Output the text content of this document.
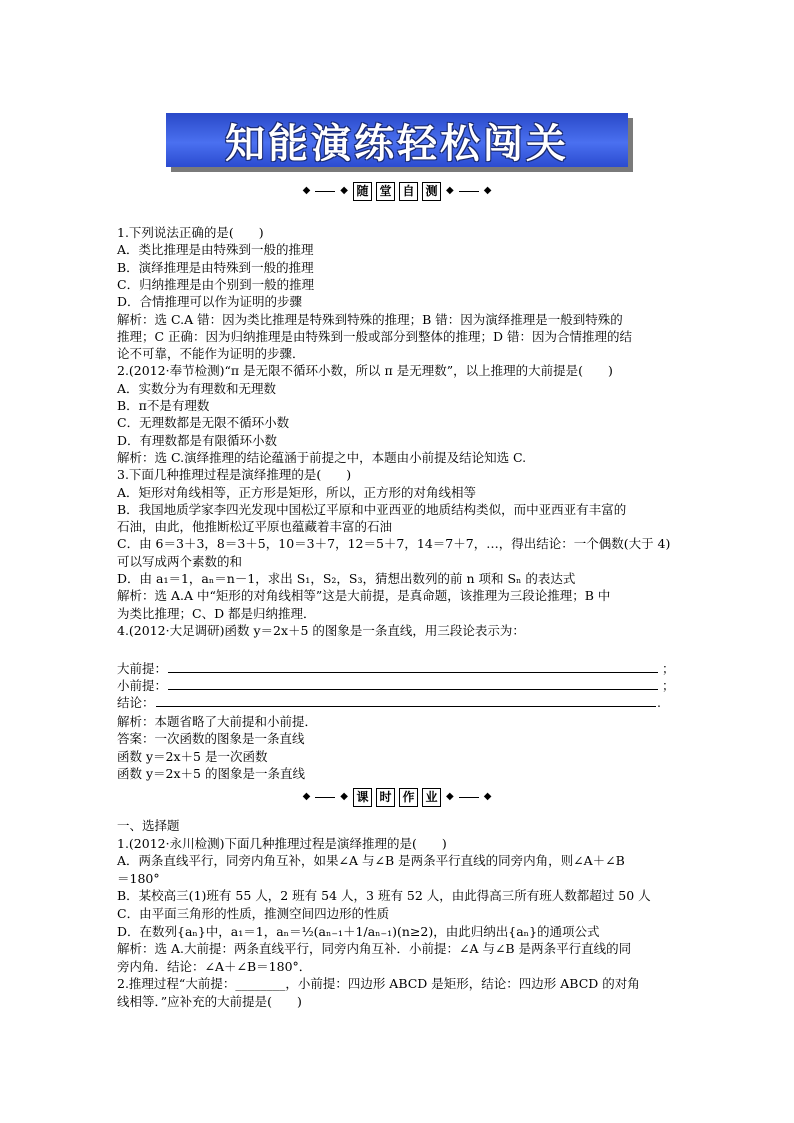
知能演练轻松闯关
◆	◆ 随 堂 自 测 ◆	◆
1.下列说法正确的是(　　)
A．类比推理是由特殊到一般的推理
B．演绎推理是由特殊到一般的推理
C．归纳推理是由个别到一般的推理
D．合情推理可以作为证明的步骤
解析：选 C.A 错：因为类比推理是特殊到特殊的推理；B 错：因为演绎推理是一般到特殊的
推理；C 正确：因为归纳推理是由特殊到一般或部分到整体的推理；D 错：因为合情推理的结
论不可靠，不能作为证明的步骤．
2.(2012·奉节检测)“π 是无限不循环小数，所以 π 是无理数”，以上推理的大前提是(　　)
A．实数分为有理数和无理数
B．π不是有理数
C．无理数都是无限不循环小数
D．有理数都是有限循环小数
解析：选 C.演绎推理的结论蕴涵于前提之中，本题由小前提及结论知选 C.
3.下面几种推理过程是演绎推理的是(　　)
A．矩形对角线相等，正方形是矩形，所以，正方形的对角线相等
B．我国地质学家李四光发现中国松辽平原和中亚西亚的地质结构类似，而中亚西亚有丰富的
石油，由此，他推断松辽平原也蕴藏着丰富的石油
C．由 6＝3＋3，8＝3＋5，10＝3＋7，12＝5＋7，14＝7＋7，…，得出结论：一个偶数(大于 4)
可以写成两个素数的和
D．由 a₁＝1，aₙ＝n－1，求出 S₁，S₂，S₃，猜想出数列的前 n 项和 Sₙ 的表达式
解析：选 A.A 中“矩形的对角线相等”这是大前提，是真命题，该推理为三段论推理；B 中
为类比推理；C、D 都是归纳推理．
4.(2012·大足调研)函数 y＝2x＋5 的图象是一条直线，用三段论表示为：
大前提：	；
小前提：	；
结论：	.
解析：本题省略了大前提和小前提．
答案：一次函数的图象是一条直线
函数 y＝2x＋5 是一次函数
函数 y＝2x＋5 的图象是一条直线
◆	◆ 课 时 作 业 ◆	◆
一、选择题
1.(2012·永川检测)下面几种推理过程是演绎推理的是(　　)
A．两条直线平行，同旁内角互补，如果∠A 与∠B 是两条平行直线的同旁内角，则∠A＋∠B
＝180°
B．某校高三(1)班有 55 人，2 班有 54 人，3 班有 52 人，由此得高三所有班人数都超过 50 人
C．由平面三角形的性质，推测空间四边形的性质
D．在数列{aₙ}中，a₁＝1，aₙ＝½(aₙ₋₁＋1/aₙ₋₁)(n≥2)，由此归纳出{aₙ}的通项公式
解析：选 A.大前提：两条直线平行，同旁内角互补．小前提：∠A 与∠B 是两条平行直线的同
旁内角．结论：∠A＋∠B＝180°．
2.推理过程“大前提：________，小前提：四边形 ABCD 是矩形，结论：四边形 ABCD 的对角
线相等．”应补充的大前提是(　　)
